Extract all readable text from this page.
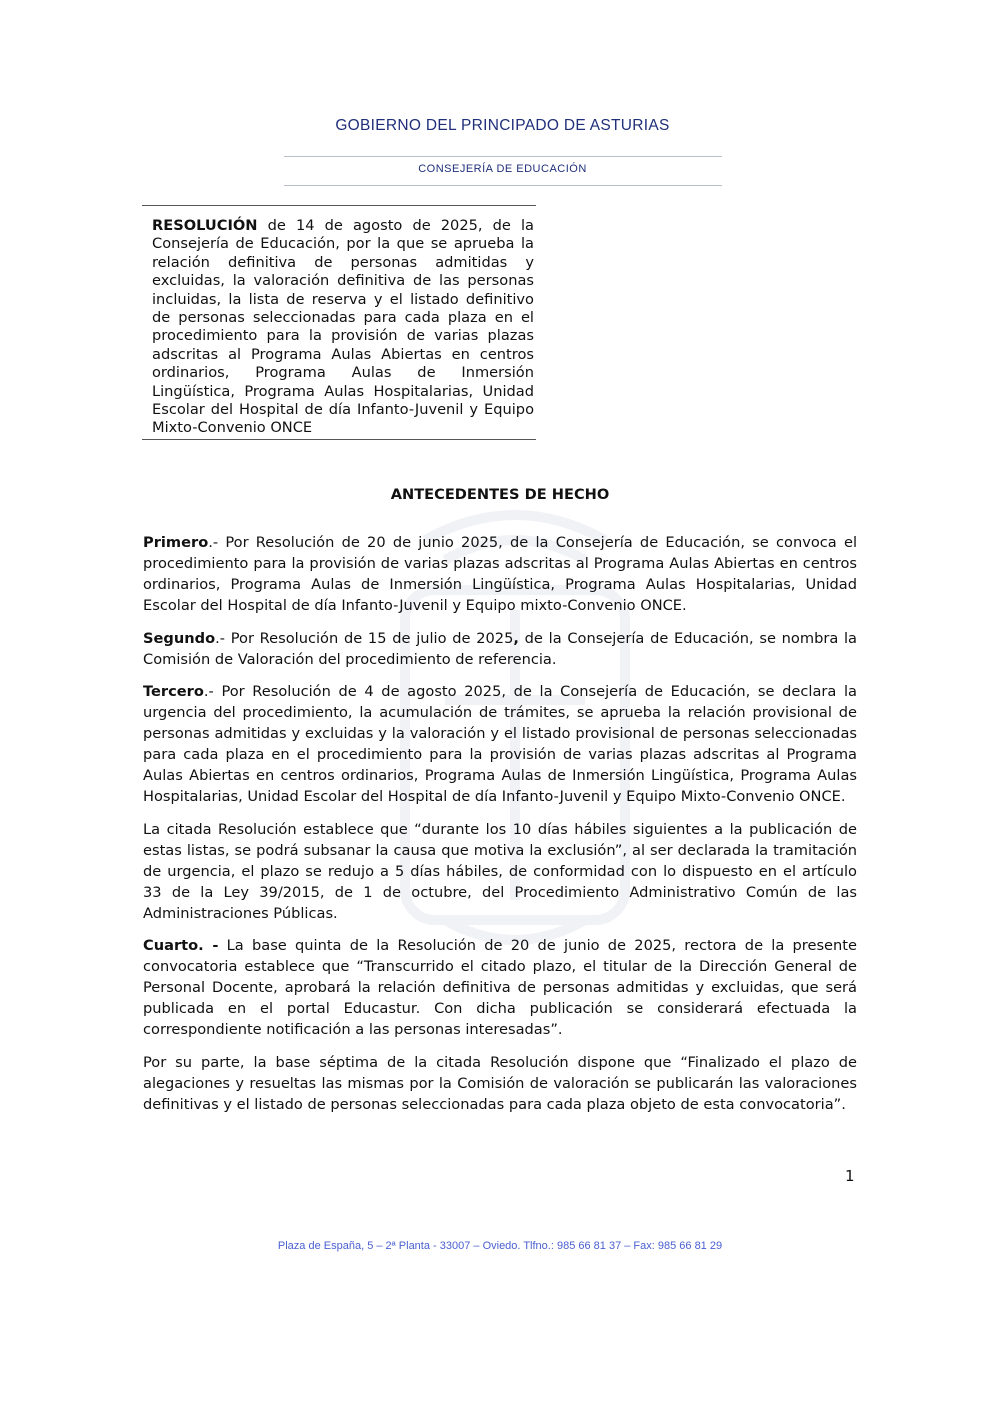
GOBIERNO DEL PRINCIPADO DE ASTURIAS
CONSEJERÍA DE EDUCACIÓN
RESOLUCIÓN de 14 de agosto de 2025, de la Consejería de Educación, por la que se aprueba la relación definitiva de personas admitidas y excluidas, la valoración definitiva de las personas incluidas, la lista de reserva y el listado definitivo de personas seleccionadas para cada plaza en el procedimiento para la provisión de varias plazas adscritas al Programa Aulas Abiertas en centros ordinarios, Programa Aulas de Inmersión Lingüística, Programa Aulas Hospitalarias, Unidad Escolar del Hospital de día Infanto-Juvenil y Equipo Mixto-Convenio ONCE
ANTECEDENTES DE HECHO

Primero.- Por Resolución de 20 de junio 2025, de la Consejería de Educación, se convoca el procedimiento para la provisión de varias plazas adscritas al Programa Aulas Abiertas en centros ordinarios, Programa Aulas de Inmersión Lingüística, Programa Aulas Hospitalarias, Unidad Escolar del Hospital de día Infanto-Juvenil y Equipo mixto-Convenio ONCE.

Segundo.- Por Resolución de 15 de julio de 2025, de la Consejería de Educación, se nombra la Comisión de Valoración del procedimiento de referencia.

Tercero.- Por Resolución de 4 de agosto 2025, de la Consejería de Educación, se declara la urgencia del procedimiento, la acumulación de trámites, se aprueba la relación provisional de personas admitidas y excluidas y la valoración y el listado provisional de personas seleccionadas para cada plaza en el procedimiento para la provisión de varias plazas adscritas al Programa Aulas Abiertas en centros ordinarios, Programa Aulas de Inmersión Lingüística, Programa Aulas Hospitalarias, Unidad Escolar del Hospital de día Infanto-Juvenil y Equipo Mixto-Convenio ONCE.

La citada Resolución establece que “durante los 10 días hábiles siguientes a la publicación de estas listas, se podrá subsanar la causa que motiva la exclusión”, al ser declarada la tramitación de urgencia, el plazo se redujo a 5 días hábiles, de conformidad con lo dispuesto en el artículo 33 de la Ley 39/2015, de 1 de octubre, del Procedimiento Administrativo Común de las Administraciones Públicas.

Cuarto. - La base quinta de la Resolución de 20 de junio de 2025, rectora de la presente convocatoria establece que “Transcurrido el citado plazo, el titular de la Dirección General de Personal Docente, aprobará la relación definitiva de personas admitidas y excluidas, que será publicada en el portal Educastur. Con dicha publicación se considerará efectuada la correspondiente notificación a las personas interesadas”.

Por su parte, la base séptima de la citada Resolución dispone que “Finalizado el plazo de alegaciones y resueltas las mismas por la Comisión de valoración se publicarán las valoraciones definitivas y el listado de personas seleccionadas para cada plaza objeto de esta convocatoria”.

1
Plaza de España, 5 – 2ª Planta - 33007 – Oviedo. Tlfno.: 985 66 81 37 – Fax: 985 66 81 29
